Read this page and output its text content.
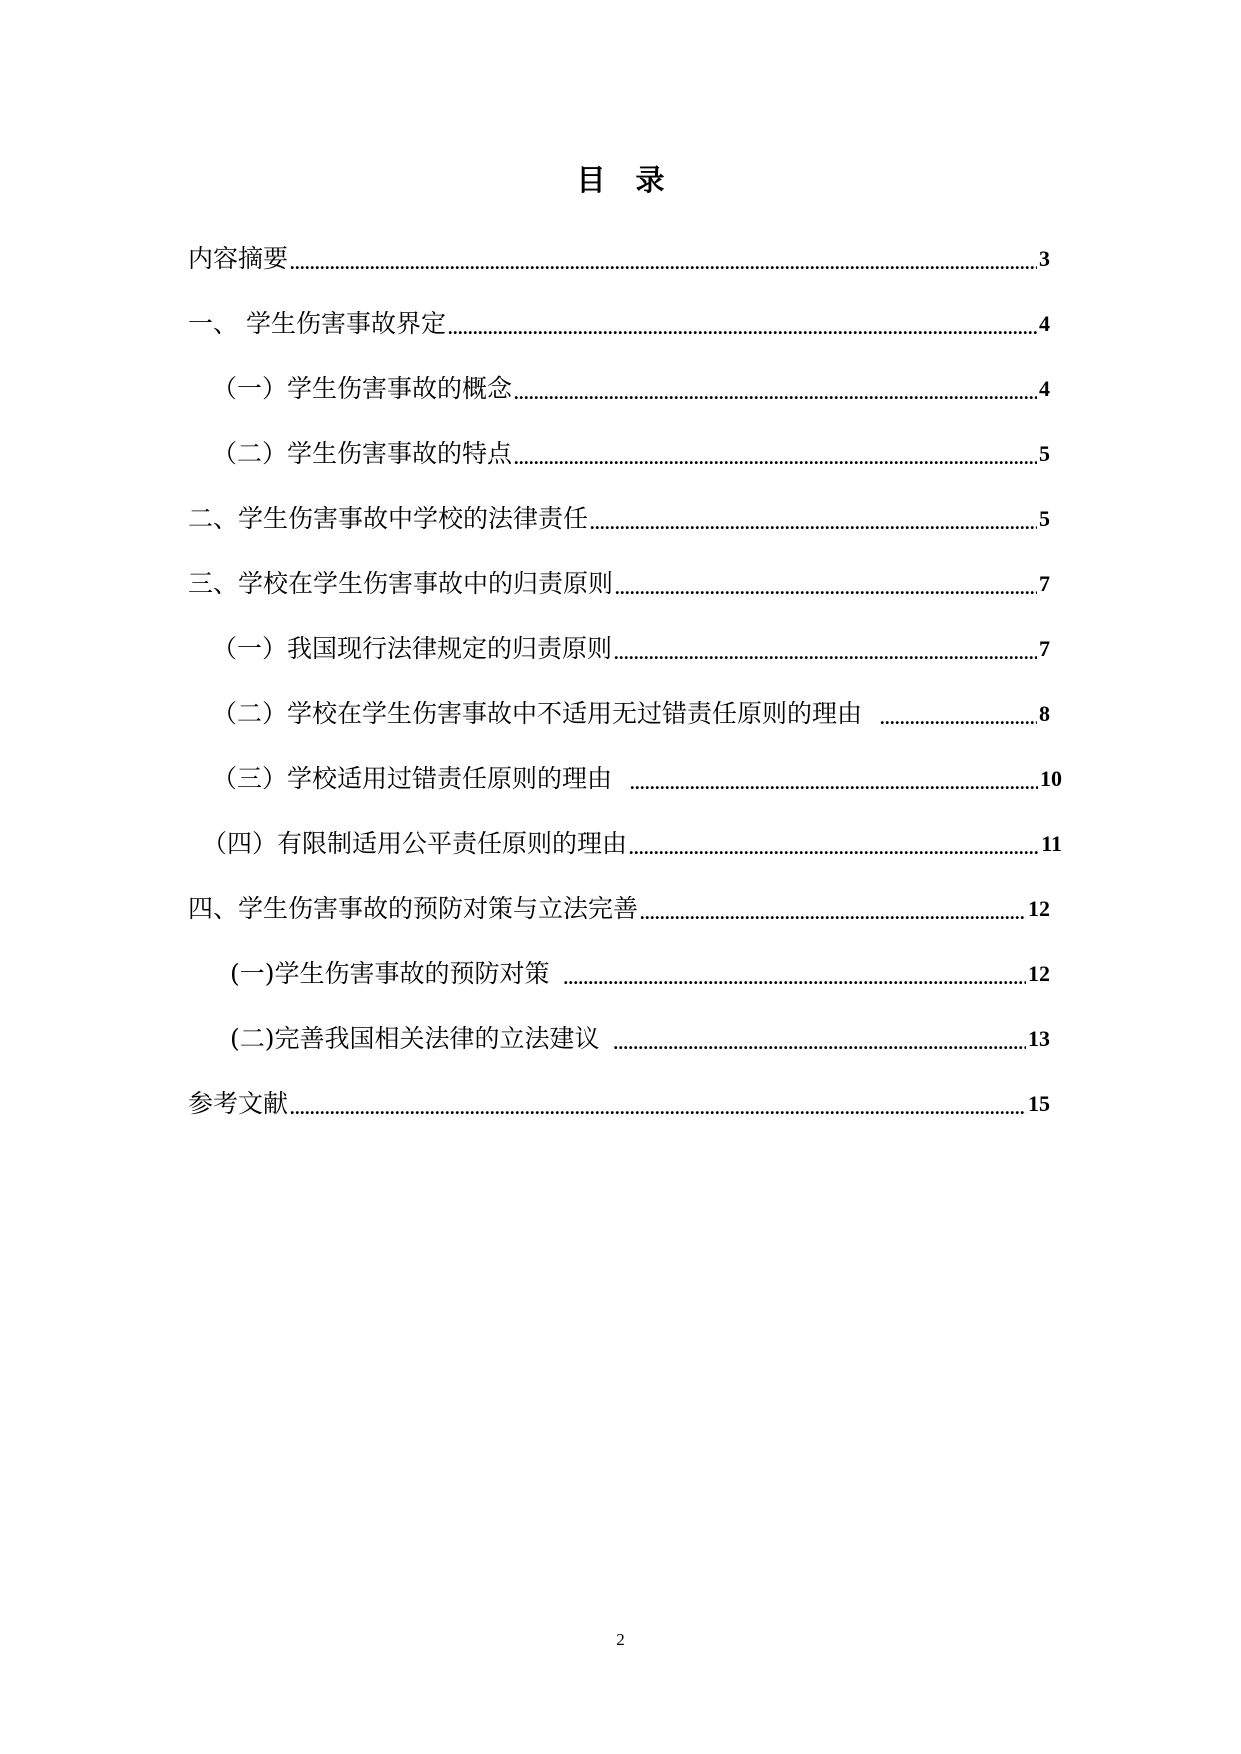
目 录
内容摘要 .....	3
一、 学生伤害事故界定 .....	4
（一）学生伤害事故的概念 .....	4
（二）学生伤害事故的特点 .....	5
二、学生伤害事故中学校的法律责任 .....	5
三、学校在学生伤害事故中的归责原则 .....	7
（一）我国现行法律规定的归责原则 .....	7
（二）学校在学生伤害事故中不适用无过错责任原则的理由 .....	8
（三）学校适用过错责任原则的理由 .....	10
（四）有限制适用公平责任原则的理由 .....	11
四、学生伤害事故的预防对策与立法完善 .....	12
(一)学生伤害事故的预防对策 .....	12
(二)完善我国相关法律的立法建议 .....	13
参考文献 .....	15
2
